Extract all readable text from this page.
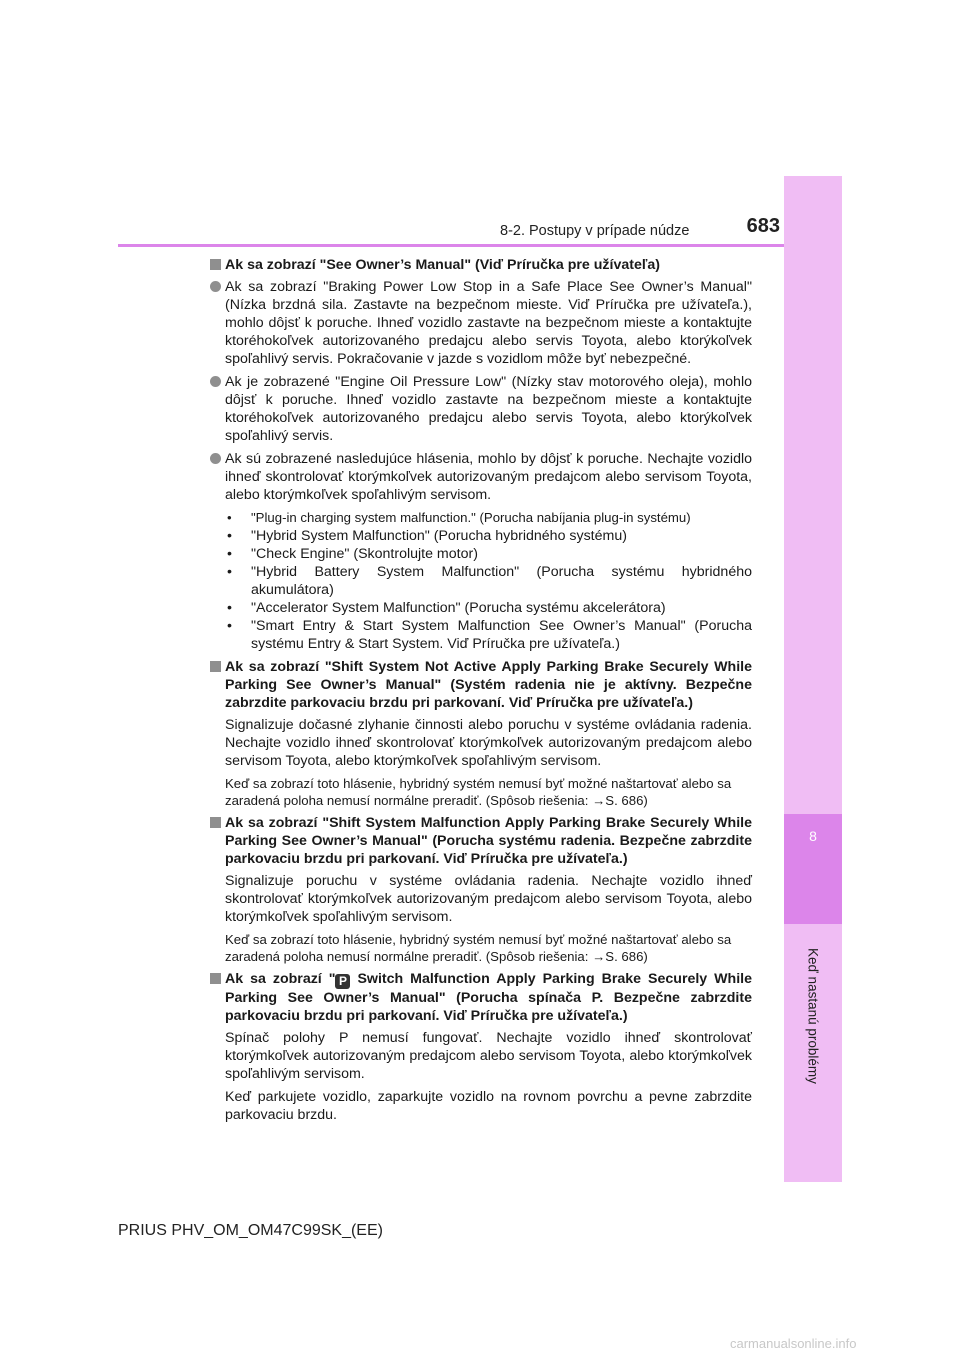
8
Keď nastanú problémy
8-2. Postupy v prípade núdze	683
Ak sa zobrazí "See Owner’s Manual" (Viď Príručka pre užívateľa)
Ak sa zobrazí "Braking Power Low Stop in a Safe Place See Owner’s Manual" (Nízka brzdná sila. Zastavte na bezpečnom mieste. Viď Príručka pre užívateľa.), mohlo dôjsť k poruche. Ihneď vozidlo zastavte na bezpečnom mieste a kontaktujte ktoréhokoľvek autorizovaného predajcu alebo servis Toyota, alebo ktorýkoľvek spoľahlivý servis. Pokračovanie v jazde s vozidlom môže byť nebezpečné.
Ak je zobrazené "Engine Oil Pressure Low" (Nízky stav motorového oleja), mohlo dôjsť k poruche. Ihneď vozidlo zastavte na bezpečnom mieste a kontaktujte ktoréhokoľvek autorizovaného predajcu alebo servis Toyota, alebo ktorýkoľvek spoľahlivý servis.
Ak sú zobrazené nasledujúce hlásenia, mohlo by dôjsť k poruche. Nechajte vozidlo ihneď skontrolovať ktorýmkoľvek autorizovaným predajcom alebo servisom Toyota, alebo ktorýmkoľvek spoľahlivým servisom.
• "Plug-in charging system malfunction." (Porucha nabíjania plug-in systému)
• "Hybrid System Malfunction" (Porucha hybridného systému)
• "Check Engine" (Skontrolujte motor)
• "Hybrid Battery System Malfunction" (Porucha systému hybridného akumulátora)
• "Accelerator System Malfunction" (Porucha systému akcelerátora)
• "Smart Entry & Start System Malfunction See Owner’s Manual" (Porucha systému Entry & Start System. Viď Príručka pre užívateľa.)
Ak sa zobrazí "Shift System Not Active Apply Parking Brake Securely While Parking See Owner’s Manual" (Systém radenia nie je aktívny. Bezpečne zabrzdite parkovaciu brzdu pri parkovaní. Viď Príručka pre užívateľa.)
Signalizuje dočasné zlyhanie činnosti alebo poruchu v systéme ovládania radenia. Nechajte vozidlo ihneď skontrolovať ktorýmkoľvek autorizovaným predajcom alebo servisom Toyota, alebo ktorýmkoľvek spoľahlivým servisom.
Keď sa zobrazí toto hlásenie, hybridný systém nemusí byť možné naštartovať alebo sa zaradená poloha nemusí normálne preradiť. (Spôsob riešenia: →S. 686)
Ak sa zobrazí "Shift System Malfunction Apply Parking Brake Securely While Parking See Owner’s Manual" (Porucha systému radenia. Bezpečne zabrzdite parkovaciu brzdu pri parkovaní. Viď Príručka pre užívateľa.)
Signalizuje poruchu v systéme ovládania radenia. Nechajte vozidlo ihneď skontrolovať ktorýmkoľvek autorizovaným predajcom alebo servisom Toyota, alebo ktorýmkoľvek spoľahlivým servisom.
Keď sa zobrazí toto hlásenie, hybridný systém nemusí byť možné naštartovať alebo sa zaradená poloha nemusí normálne preradiť. (Spôsob riešenia: →S. 686)
Ak sa zobrazí " P Switch Malfunction Apply Parking Brake Securely While Parking See Owner’s Manual" (Porucha spínača P. Bezpečne zabrzdite parkovaciu brzdu pri parkovaní. Viď Príručka pre užívateľa.)
Spínač polohy P nemusí fungovať. Nechajte vozidlo ihneď skontrolovať ktorýmkoľvek autorizovaným predajcom alebo servisom Toyota, alebo ktorýmkoľvek spoľahlivým servisom.
Keď parkujete vozidlo, zaparkujte vozidlo na rovnom povrchu a pevne zabrzdite parkovaciu brzdu.
PRIUS PHV_OM_OM47C99SK_(EE)
carmanualsonline.info
